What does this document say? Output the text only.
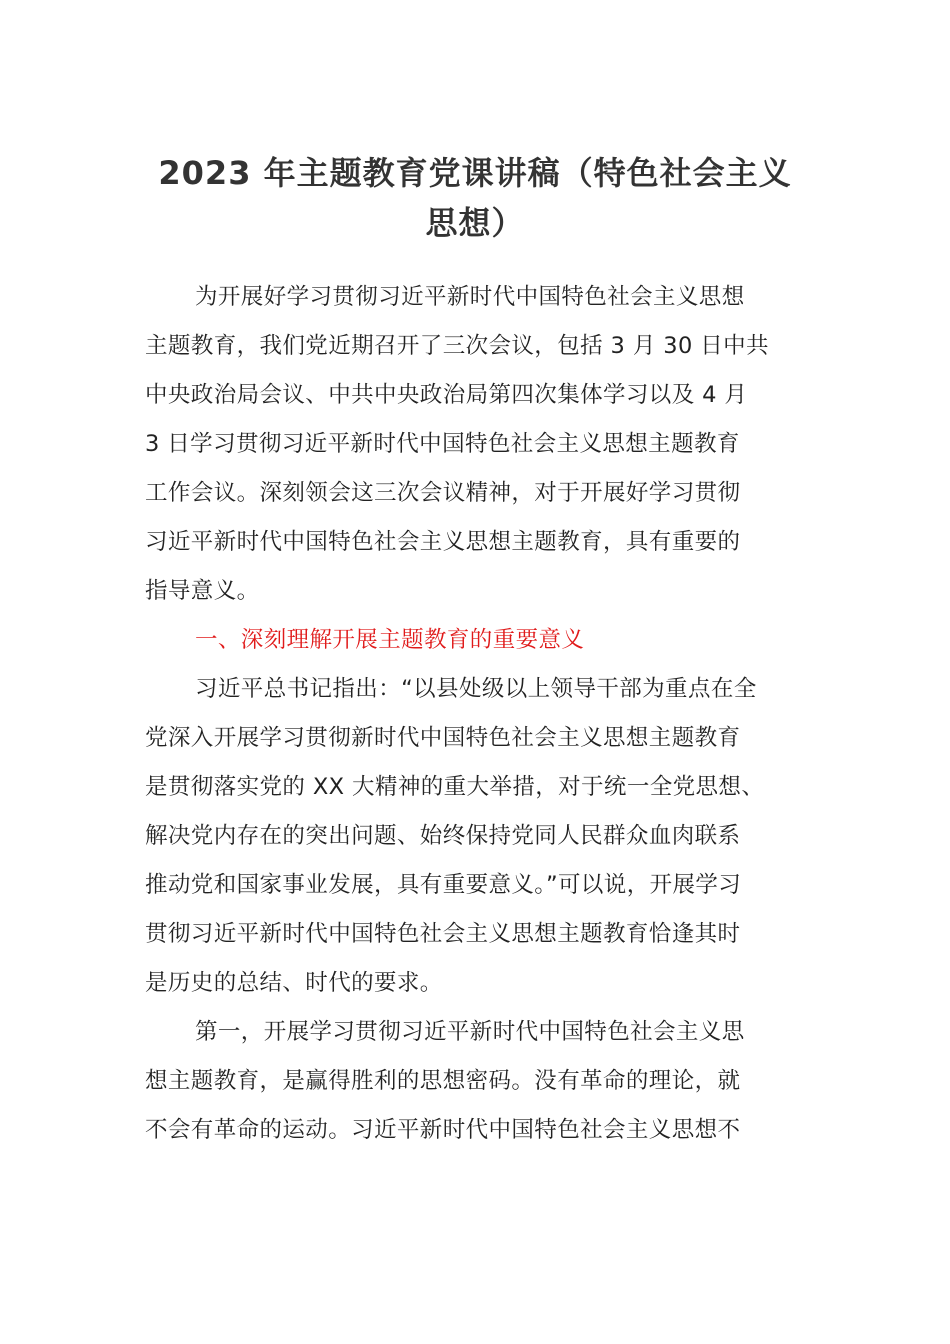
2023 年主题教育党课讲稿（特色社会主义
思想）
为开展好学习贯彻习近平新时代中国特色社会主义思想
主题教育，我们党近期召开了三次会议，包括 3 月 30 日中共
中央政治局会议、中共中央政治局第四次集体学习以及 4 月
3 日学习贯彻习近平新时代中国特色社会主义思想主题教育
工作会议。深刻领会这三次会议精神，对于开展好学习贯彻
习近平新时代中国特色社会主义思想主题教育，具有重要的
指导意义。
一、深刻理解开展主题教育的重要意义
习近平总书记指出：“以县处级以上领导干部为重点在全
党深入开展学习贯彻新时代中国特色社会主义思想主题教育
是贯彻落实党的 XX 大精神的重大举措，对于统一全党思想、
解决党内存在的突出问题、始终保持党同人民群众血肉联系
推动党和国家事业发展，具有重要意义。”可以说，开展学习
贯彻习近平新时代中国特色社会主义思想主题教育恰逢其时
是历史的总结、时代的要求。
第一，开展学习贯彻习近平新时代中国特色社会主义思
想主题教育，是赢得胜利的思想密码。没有革命的理论，就
不会有革命的运动。习近平新时代中国特色社会主义思想不
